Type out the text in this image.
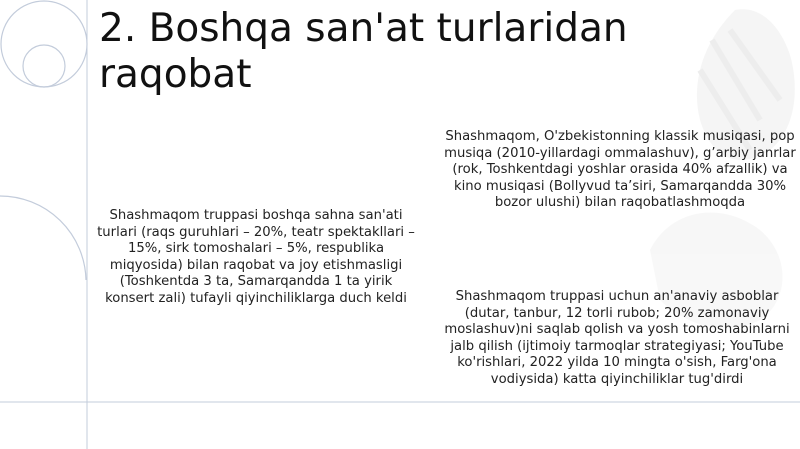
2. Boshqa san'at turlaridan raqobat

Shashmaqom truppasi boshqa sahna san'ati turlari (raqs guruhlari – 20%, teatr spektakllari – 15%, sirk tomoshalari – 5%, respublika miqyosida) bilan raqobat va joy etishmasligi (Toshkentda 3 ta, Samarqandda 1 ta yirik konsert zali) tufayli qiyinchiliklarga duch keldi

Shashmaqom, O'zbekistonning klassik musiqasi, pop musiqa (2010-yillardagi ommalashuv), g’arbiy janrlar (rok, Toshkentdagi yoshlar orasida 40% afzallik) va kino musiqasi (Bollyvud ta’siri, Samarqandda 30% bozor ulushi) bilan raqobatlashmoqda

Shashmaqom truppasi uchun an'anaviy asboblar (dutar, tanbur, 12 torli rubob; 20% zamonaviy moslashuv)ni saqlab qolish va yosh tomoshabinlarni jalb qilish (ijtimoiy tarmoqlar strategiyasi; YouTube ko'rishlari, 2022 yilda 10 mingta o'sish, Farg'ona vodiysida) katta qiyinchiliklar tug'dirdi
